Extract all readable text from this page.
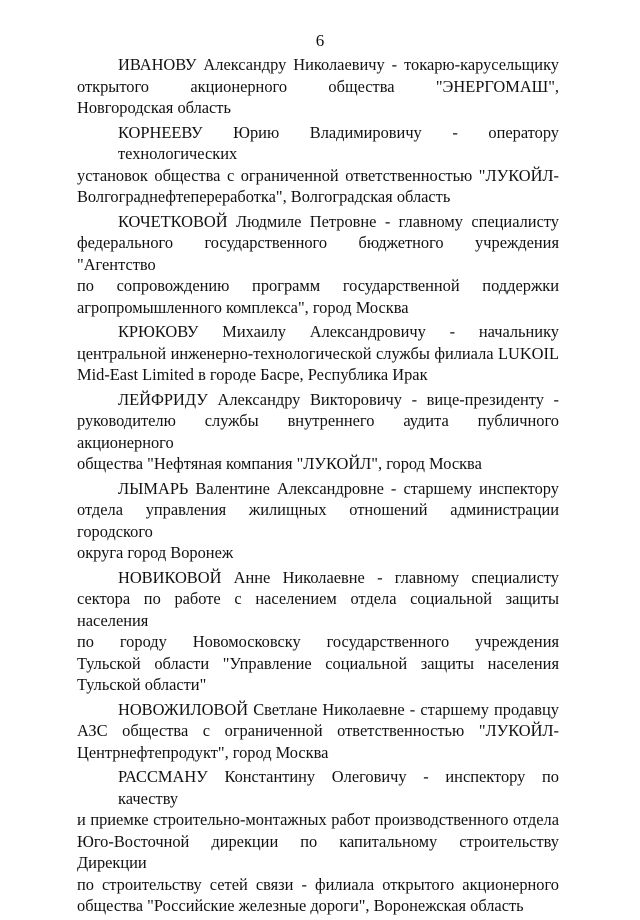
6
ИВАНОВУ Александру Николаевичу - токарю-карусельщику
открытого акционерного общества "ЭНЕРГОМАШ",
Новгородская область
КОРНЕЕВУ Юрию Владимировичу - оператору технологических
установок общества с ограниченной ответственностью "ЛУКОЙЛ-
Волгограднефтепереработка", Волгоградская область
КОЧЕТКОВОЙ Людмиле Петровне - главному специалисту
федерального государственного бюджетного учреждения "Агентство
по сопровождению программ государственной поддержки
агропромышленного комплекса", город Москва
КРЮКОВУ Михаилу Александровичу - начальнику
центральной инженерно-технологической службы филиала LUKOIL
Mid-East Limited в городе Басре, Республика Ирак
ЛЕЙФРИДУ Александру Викторовичу - вице-президенту -
руководителю службы внутреннего аудита публичного акционерного
общества "Нефтяная компания "ЛУКОЙЛ", город Москва
ЛЫМАРЬ Валентине Александровне - старшему инспектору
отдела управления жилищных отношений администрации городского
округа город Воронеж
НОВИКОВОЙ Анне Николаевне - главному специалисту
сектора по работе с населением отдела социальной защиты населения
по городу Новомосковску государственного учреждения
Тульской области "Управление социальной защиты населения
Тульской области"
НОВОЖИЛОВОЙ Светлане Николаевне - старшему продавцу
АЗС общества с ограниченной ответственностью "ЛУКОЙЛ-
Центрнефтепродукт", город Москва
РАССМАНУ Константину Олеговичу - инспектору по качеству
и приемке строительно-монтажных работ производственного отдела
Юго-Восточной дирекции по капитальному строительству Дирекции
по строительству сетей связи - филиала открытого акционерного
общества "Российские железные дороги", Воронежская область
